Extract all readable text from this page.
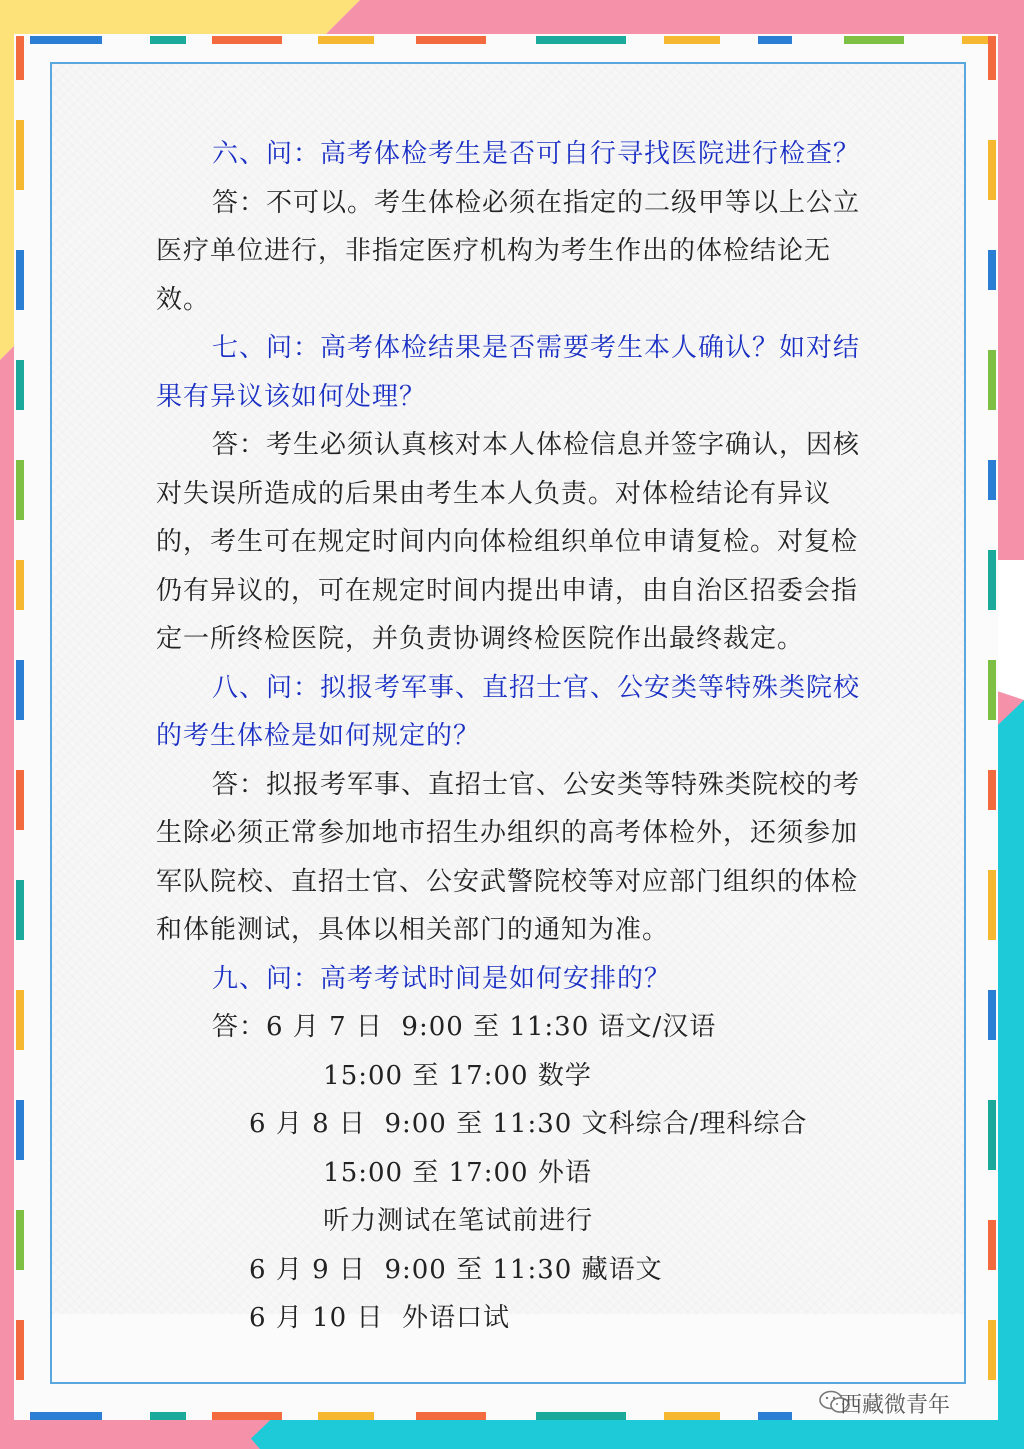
六、问：高考体检考生是否可自行寻找医院进行检查？

答：不可以。考生体检必须在指定的二级甲等以上公立医疗单位进行，非指定医疗机构为考生作出的体检结论无效。

七、问：高考体检结果是否需要考生本人确认？如对结果有异议该如何处理？

答：考生必须认真核对本人体检信息并签字确认，因核对失误所造成的后果由考生本人负责。对体检结论有异议的，考生可在规定时间内向体检组织单位申请复检。对复检仍有异议的，可在规定时间内提出申请，由自治区招委会指定一所终检医院，并负责协调终检医院作出最终裁定。

八、问：拟报考军事、直招士官、公安类等特殊类院校的考生体检是如何规定的？

答：拟报考军事、直招士官、公安类等特殊类院校的考生除必须正常参加地市招生办组织的高考体检外，还须参加军队院校、直招士官、公安武警院校等对应部门组织的体检和体能测试，具体以相关部门的通知为准。

九、问：高考考试时间是如何安排的？

答：6 月 7 日  9:00 至 11:30 语文/汉语
15:00 至 17:00 数学
6 月 8 日  9:00 至 11:30 文科综合/理科综合
15:00 至 17:00 外语
听力测试在笔试前进行
6 月 9 日  9:00 至 11:30 藏语文
6 月 10 日  外语口试
西藏微青年
